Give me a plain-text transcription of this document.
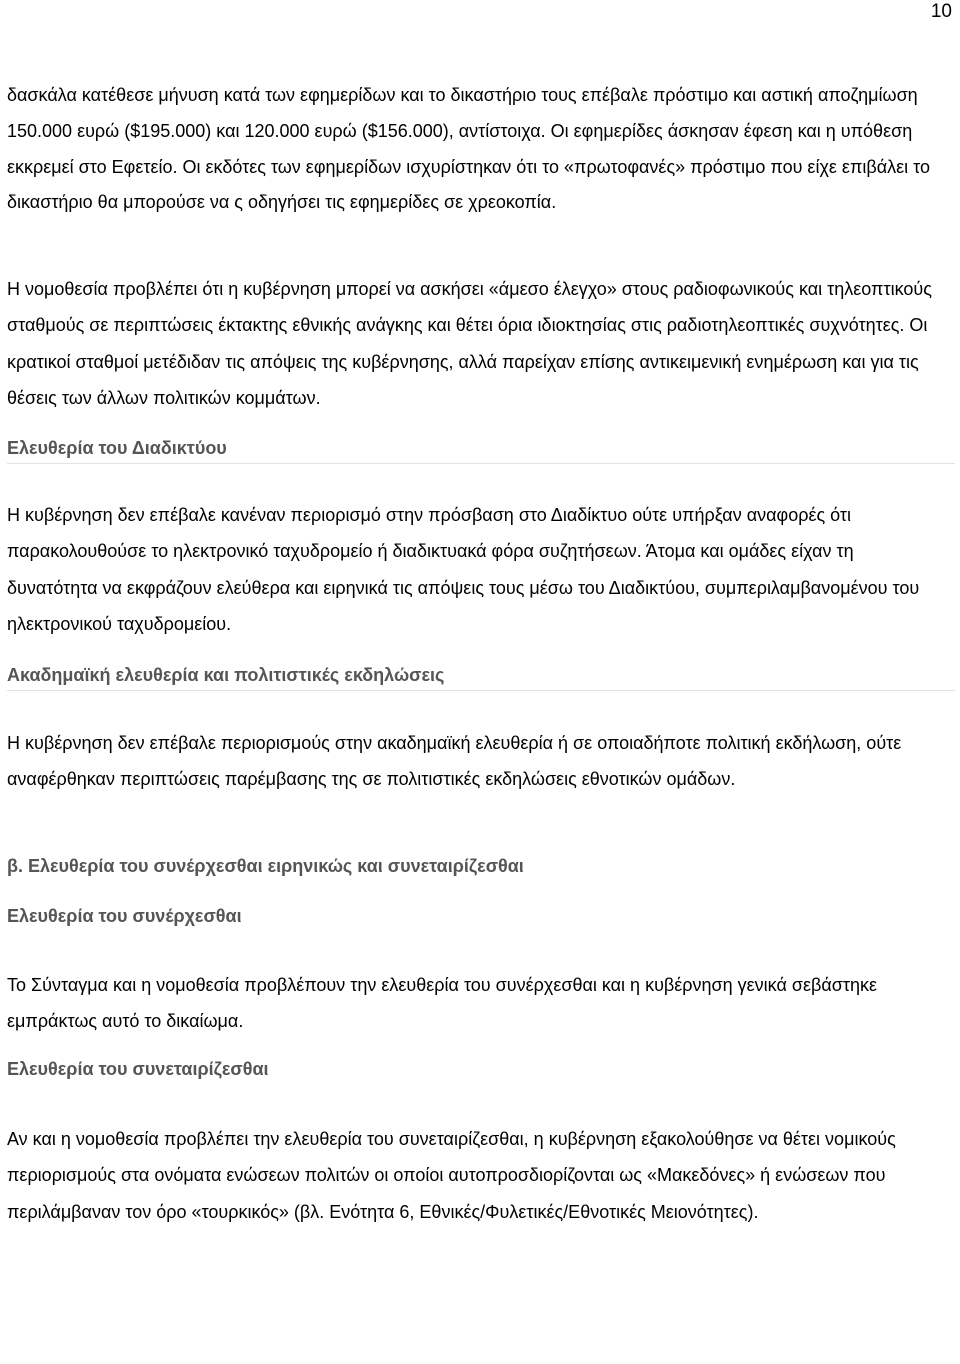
10

δασκάλα κατέθεσε μήνυση κατά των εφημερίδων και το δικαστήριο τους επέβαλε πρόστιμο και αστική αποζημίωση 150.000 ευρώ ($195.000) και 120.000 ευρώ ($156.000), αντίστοιχα. Οι εφημερίδες άσκησαν έφεση και η υπόθεση εκκρεμεί στο Εφετείο. Οι εκδότες των εφημερίδων ισχυρίστηκαν ότι το «πρωτοφανές» πρόστιμο που είχε επιβάλει το δικαστήριο θα μπορούσε να ς οδηγήσει τις εφημερίδες σε χρεοκοπία.

Η νομοθεσία προβλέπει ότι η κυβέρνηση μπορεί να ασκήσει «άμεσο έλεγχο» στους ραδιοφωνικούς και τηλεοπτικούς σταθμούς σε περιπτώσεις έκτακτης εθνικής ανάγκης και θέτει όρια ιδιοκτησίας στις ραδιοτηλεοπτικές συχνότητες. Οι κρατικοί σταθμοί μετέδιδαν τις απόψεις της κυβέρνησης, αλλά παρείχαν επίσης αντικειμενική ενημέρωση και για τις θέσεις των άλλων πολιτικών κομμάτων.

Ελευθερία του Διαδικτύου

Η κυβέρνηση δεν επέβαλε κανέναν περιορισμό στην πρόσβαση στο Διαδίκτυο ούτε υπήρξαν αναφορές ότι παρακολουθούσε το ηλεκτρονικό ταχυδρομείο ή διαδικτυακά φόρα συζητήσεων. Άτομα και ομάδες είχαν τη δυνατότητα να εκφράζουν ελεύθερα και ειρηνικά τις απόψεις τους μέσω του Διαδικτύου, συμπεριλαμβανομένου του ηλεκτρονικού ταχυδρομείου.

Ακαδημαϊκή ελευθερία και πολιτιστικές εκδηλώσεις

Η κυβέρνηση δεν επέβαλε περιορισμούς στην ακαδημαϊκή ελευθερία ή σε οποιαδήποτε πολιτική εκδήλωση, ούτε αναφέρθηκαν περιπτώσεις παρέμβασης της σε πολιτιστικές εκδηλώσεις εθνοτικών ομάδων.

β. Ελευθερία του συνέρχεσθαι ειρηνικώς και συνεταιρίζεσθαι
Ελευθερία του συνέρχεσθαι

Το Σύνταγμα και η νομοθεσία προβλέπουν την ελευθερία του συνέρχεσθαι και η κυβέρνηση γενικά σεβάστηκε εμπράκτως αυτό το δικαίωμα.

Ελευθερία του συνεταιρίζεσθαι

Αν και η νομοθεσία προβλέπει την ελευθερία του συνεταιρίζεσθαι, η κυβέρνηση εξακολούθησε να θέτει νομικούς περιορισμούς στα ονόματα ενώσεων πολιτών οι οποίοι αυτοπροσδιορίζονται ως «Μακεδόνες» ή ενώσεων που περιλάμβαναν τον όρο «τουρκικός» (βλ. Ενότητα 6, Εθνικές/Φυλετικές/Εθνοτικές Μειονότητες).
